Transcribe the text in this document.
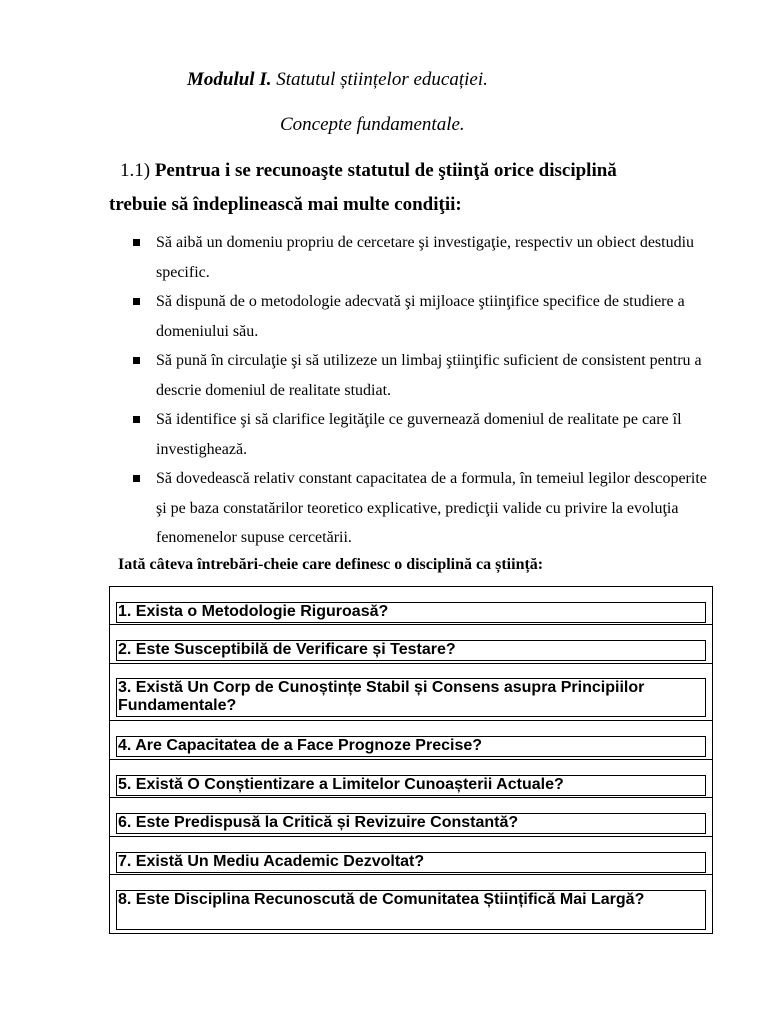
Modulul I. Statutul științelor educației.
Concepte fundamentale.
1.1) Pentrua i se recunoaşte statutul de ştiinţă orice disciplină
trebuie să îndeplinească mai multe condiţii:
Să aibă un domeniu propriu de cercetare şi investigaţie, respectiv un obiect destudiu specific.
Să dispună de o metodologie adecvată şi mijloace ştiinţifice specifice de studiere a domeniului său.
Să pună în circulaţie şi să utilizeze un limbaj ştiinţific suficient de consistent pentru a descrie domeniul de realitate studiat.
Să identifice şi să clarifice legităţile ce guvernează domeniul de realitate pe care îl investighează.
Să dovedească relativ constant capacitatea de a formula, în temeiul legilor descoperite şi pe baza constatărilor teoretico explicative, predicţii valide cu privire la evoluţia fenomenelor supuse cercetării.
Iată câteva întrebări-cheie care definesc o disciplină ca știință:
1. Exista o Metodologie Riguroasă?
2. Este Susceptibilă de Verificare și Testare?
3. Există Un Corp de Cunoștințe Stabil și Consens asupra Principiilor Fundamentale?
4. Are Capacitatea de a Face Prognoze Precise?
5. Există O Conștientizare a Limitelor Cunoașterii Actuale?
6. Este Predispusă la Critică și Revizuire Constantă?
7. Există Un Mediu Academic Dezvoltat?
8. Este Disciplina Recunoscută de Comunitatea Științifică Mai Largă?
